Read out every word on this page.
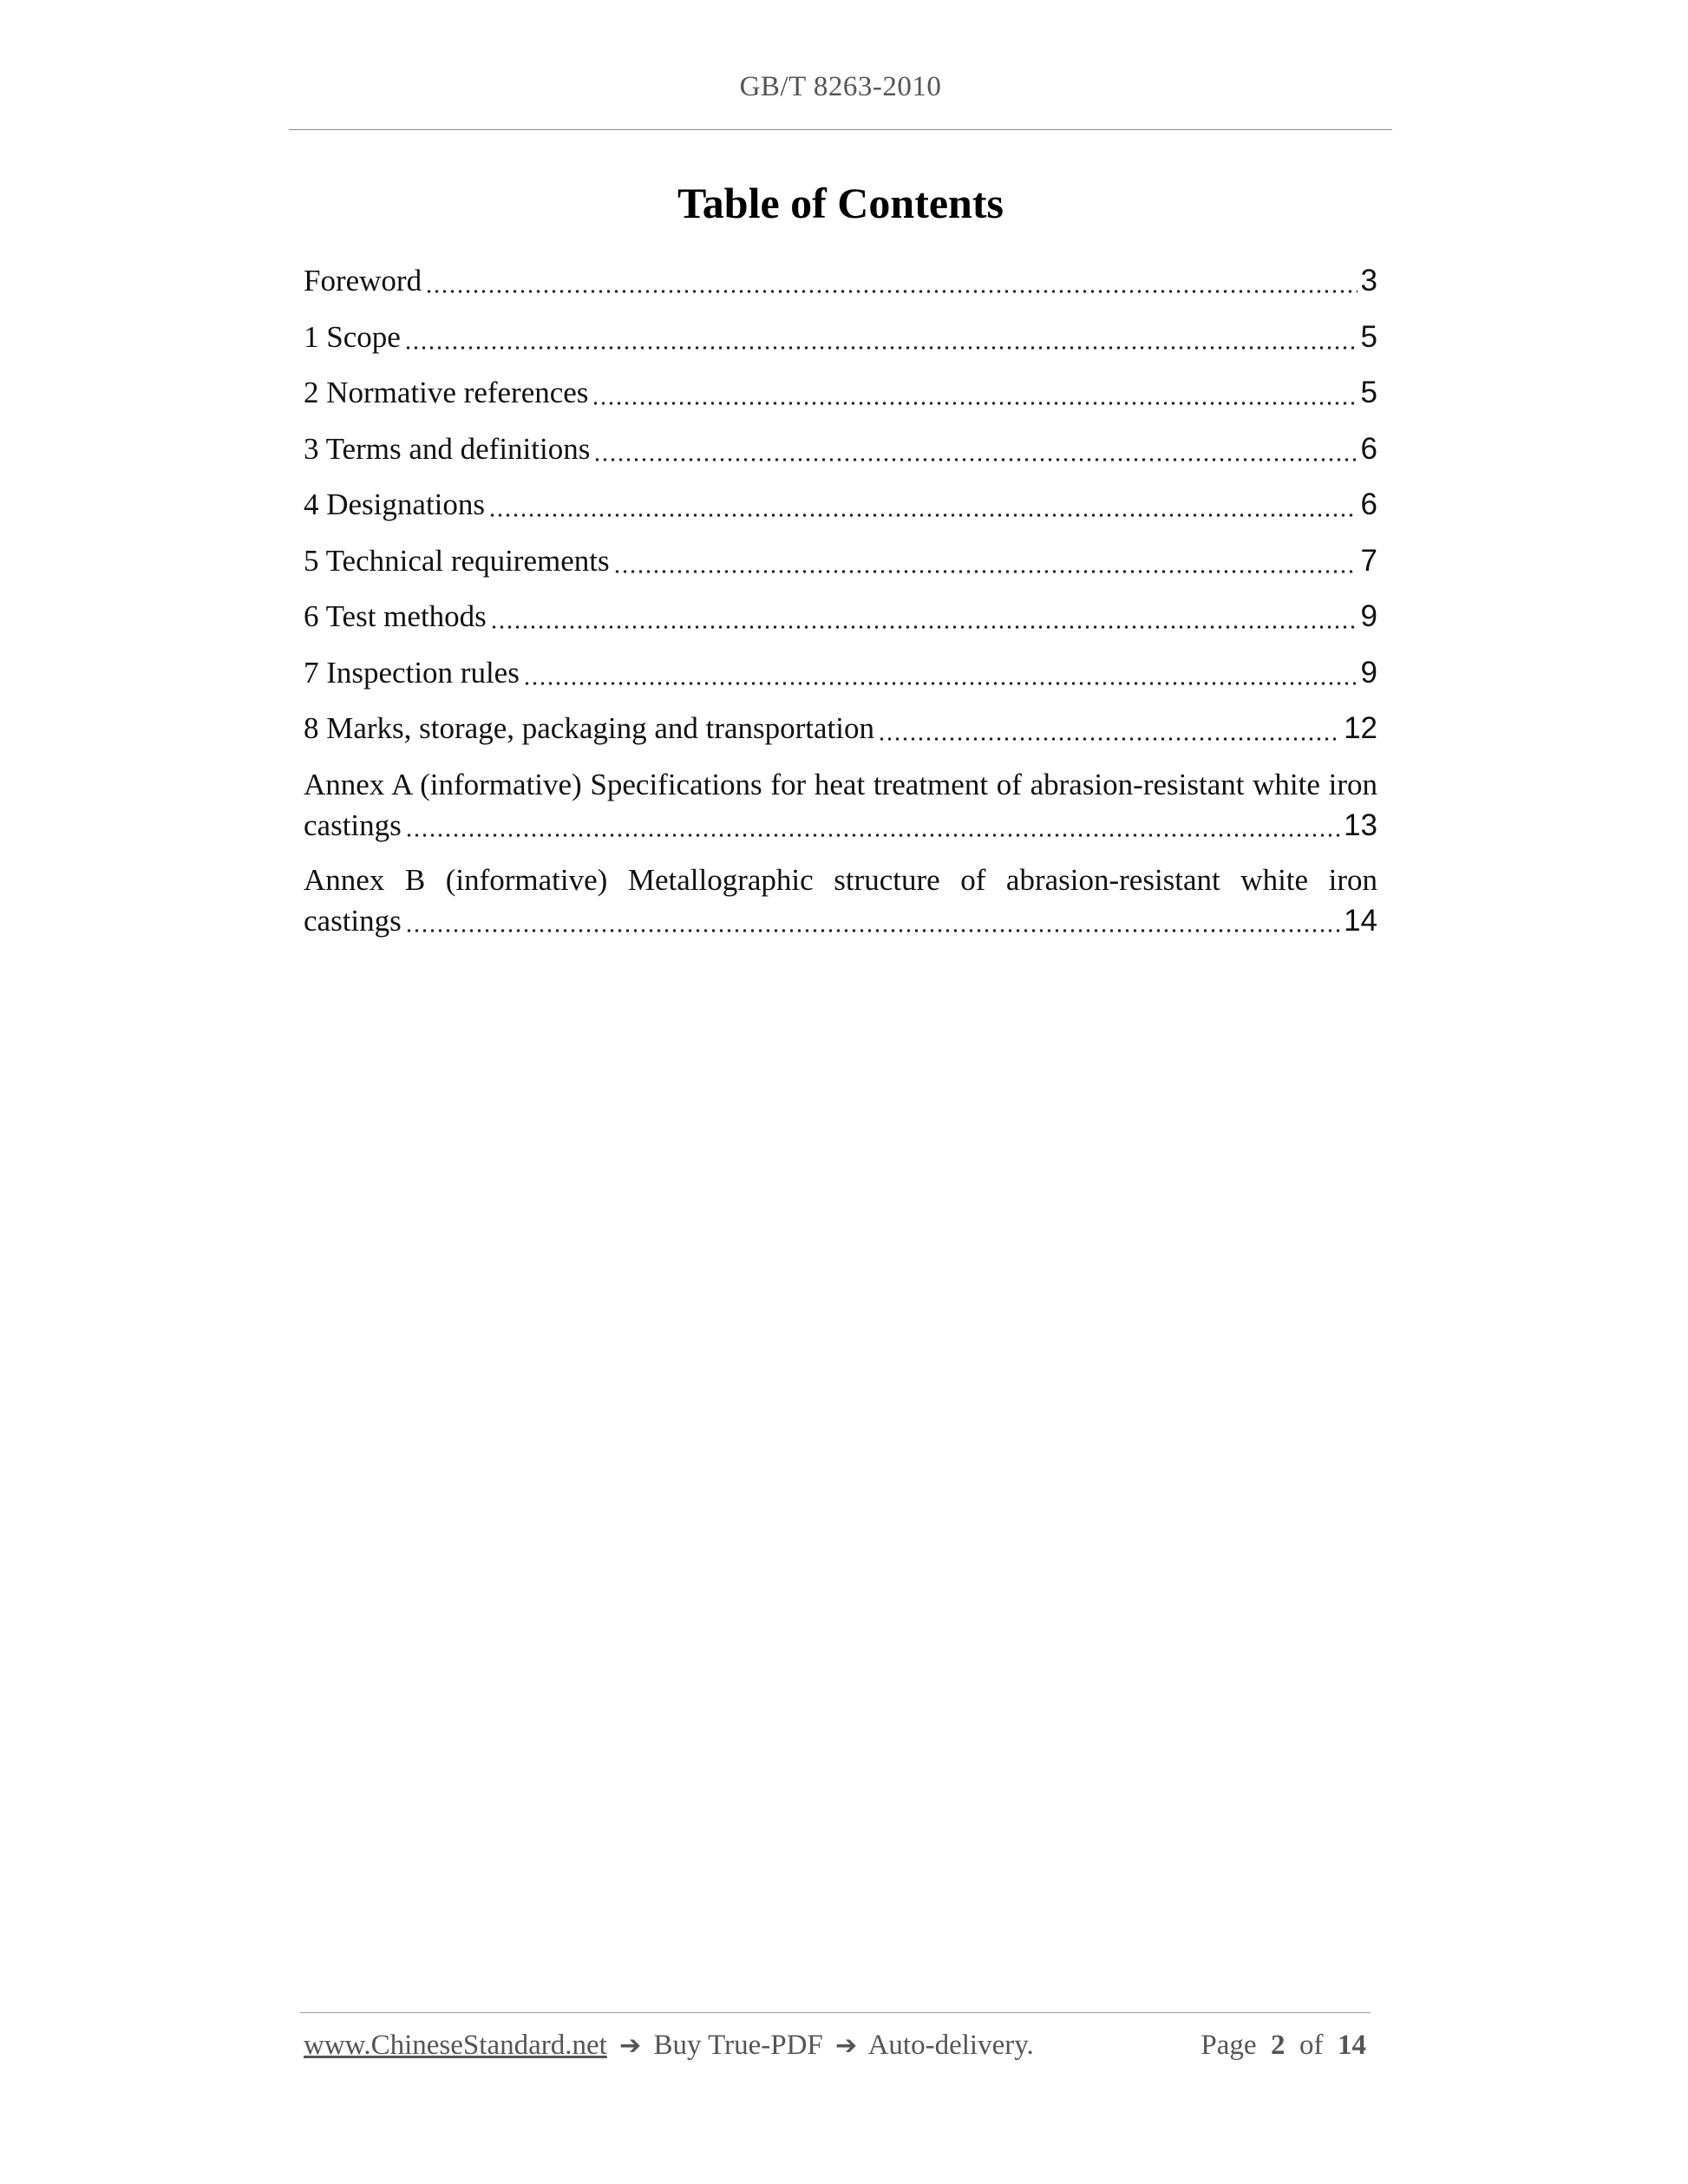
GB/T 8263-2010
Table of Contents
Foreword	3
1 Scope	5
2 Normative references	5
3 Terms and definitions	6
4 Designations	6
5 Technical requirements	7
6 Test methods	9
7 Inspection rules	9
8 Marks, storage, packaging and transportation	12
Annex A (informative) Specifications for heat treatment of abrasion-resistant white iron
castings	13
Annex B (informative) Metallographic structure of abrasion-resistant white iron
castings	14
www.ChineseStandard.net ➔ Buy True-PDF ➔ Auto-delivery.	Page 2 of 14
